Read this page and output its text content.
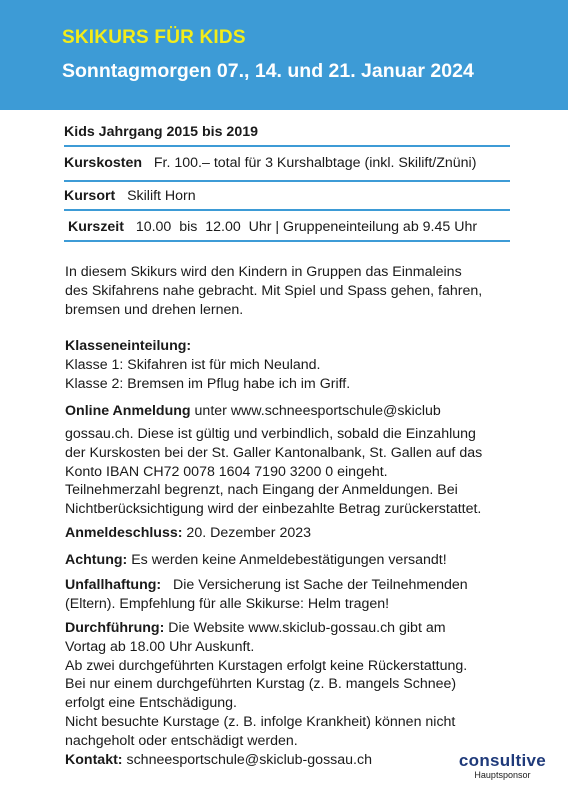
SKIKURS FÜR KIDS
Sonntagmorgen 07., 14. und 21. Januar 2024
Kids Jahrgang 2015 bis 2019
Kurskosten Fr. 100.– total für 3 Kurshalbtage (inkl. Skilift/Znüni)
Kursort Skilift Horn
Kurszeit 10.00  bis  12.00  Uhr | Gruppeneinteilung ab 9.45 Uhr
In diesem Skikurs wird den Kindern in Gruppen das Einmaleins
des Skifahrens nahe gebracht. Mit Spiel und Spass gehen, fahren,
bremsen und drehen lernen.
Klasseneinteilung:
Klasse 1: Skifahren ist für mich Neuland.
Klasse 2: Bremsen im Pflug habe ich im Griff.
Online Anmeldung unter www.schneesportschule@skiclub
gossau.ch. Diese ist gültig und verbindlich, sobald die Einzahlung
der Kurskosten bei der St. Galler Kantonalbank, St. Gallen auf das
Konto IBAN CH72 0078 1604 7190 3200 0 eingeht.
Teilnehmerzahl begrenzt, nach Eingang der Anmeldungen. Bei
Nichtberücksichtigung wird der einbezahlte Betrag zurückerstattet.
Anmeldeschluss: 20. Dezember 2023
Achtung: Es werden keine Anmeldebestätigungen versandt!
Unfallhaftung:   Die Versicherung ist Sache der Teilnehmenden
(Eltern). Empfehlung für alle Skikurse: Helm tragen!
Durchführung: Die Website www.skiclub-gossau.ch gibt am
Vortag ab 18.00 Uhr Auskunft.
Ab zwei durchgeführten Kurstagen erfolgt keine Rückerstattung.
Bei nur einem durchgeführten Kurstag (z. B. mangels Schnee)
erfolgt eine Entschädigung.
Nicht besuchte Kurstage (z. B. infolge Krankheit) können nicht
nachgeholt oder entschädigt werden.
Kontakt: schneesportschule@skiclub-gossau.ch	consultive
Hauptsponsor
